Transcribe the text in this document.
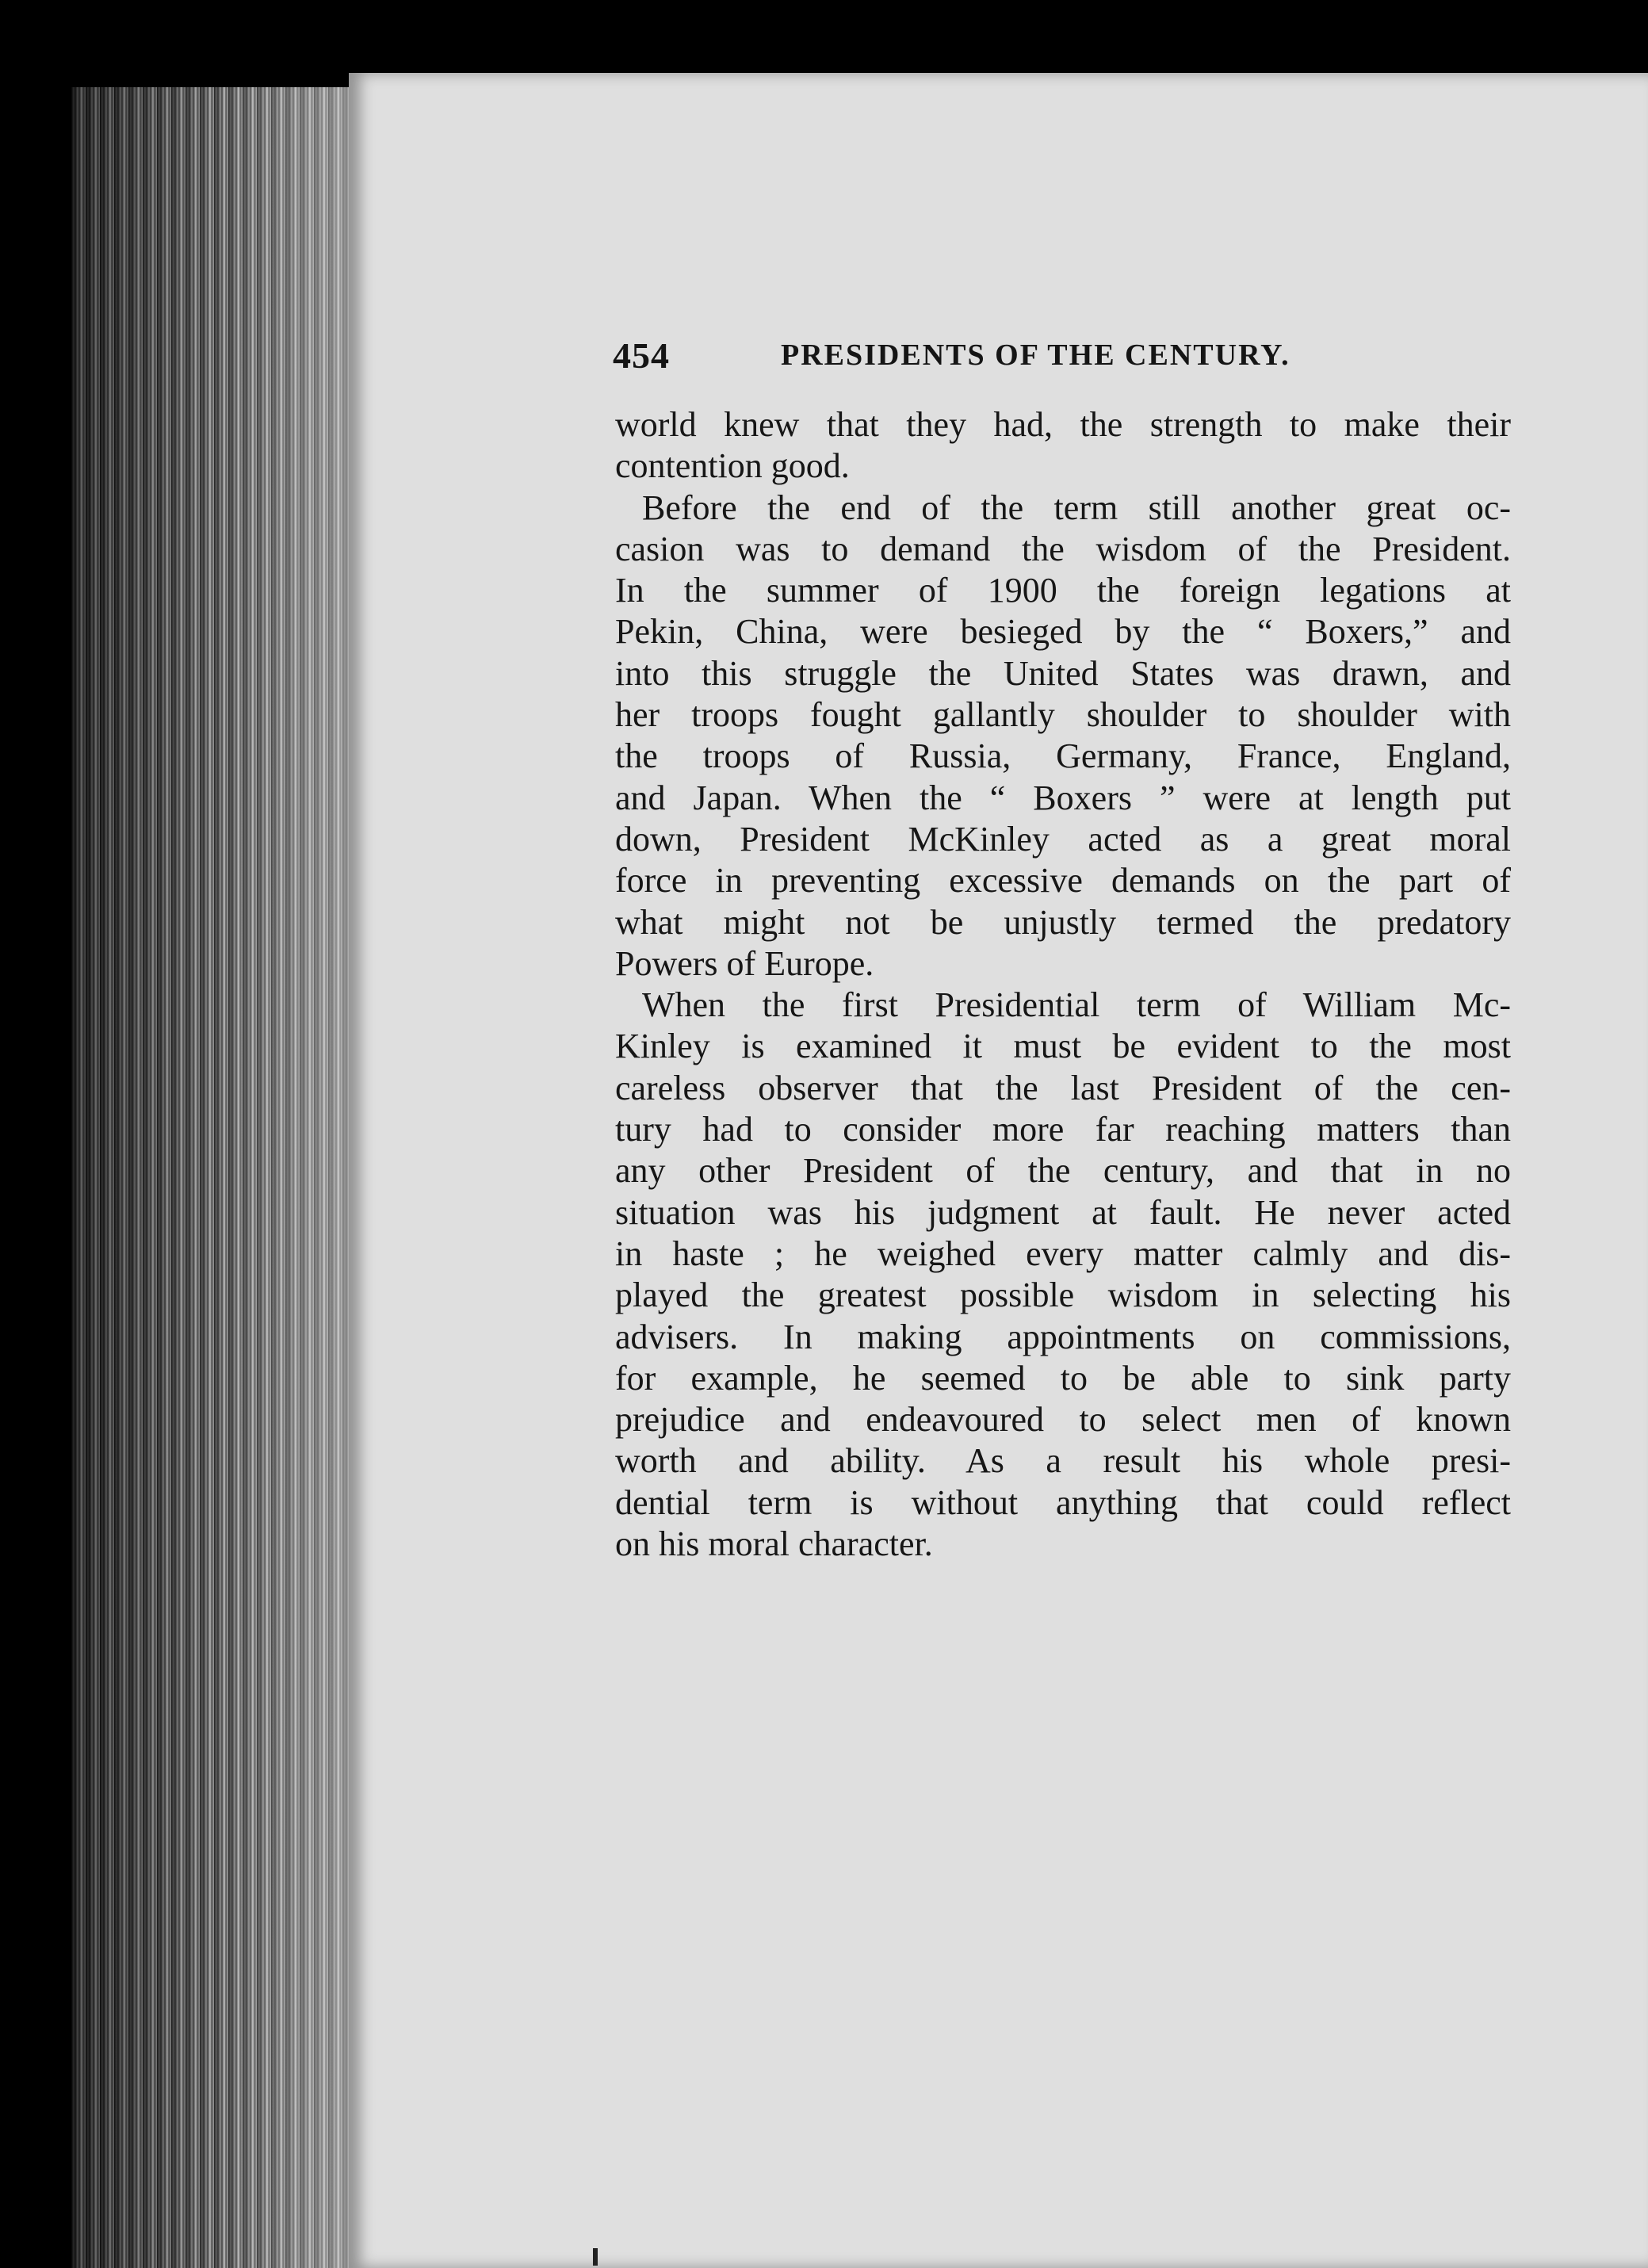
454	PRESIDENTS OF THE CENTURY.

world knew that they had, the strength to make their
contention good.

Before the end of the term still another great oc-
casion was to demand the wisdom of the President.
In the summer of 1900 the foreign legations at
Pekin, China, were besieged by the “ Boxers,” and
into this struggle the United States was drawn, and
her troops fought gallantly shoulder to shoulder with
the troops of Russia, Germany, France, England,
and Japan. When the “ Boxers ” were at length put
down, President McKinley acted as a great moral
force in preventing excessive demands on the part of
what might not be unjustly termed the predatory
Powers of Europe.

When the first Presidential term of William Mc-
Kinley is examined it must be evident to the most
careless observer that the last President of the cen-
tury had to consider more far reaching matters than
any other President of the century, and that in no
situation was his judgment at fault. He never acted
in haste ; he weighed every matter calmly and dis-
played the greatest possible wisdom in selecting his
advisers. In making appointments on commissions,
for example, he seemed to be able to sink party
prejudice and endeavoured to select men of known
worth and ability. As a result his whole presi-
dential term is without anything that could reflect
on his moral character.
